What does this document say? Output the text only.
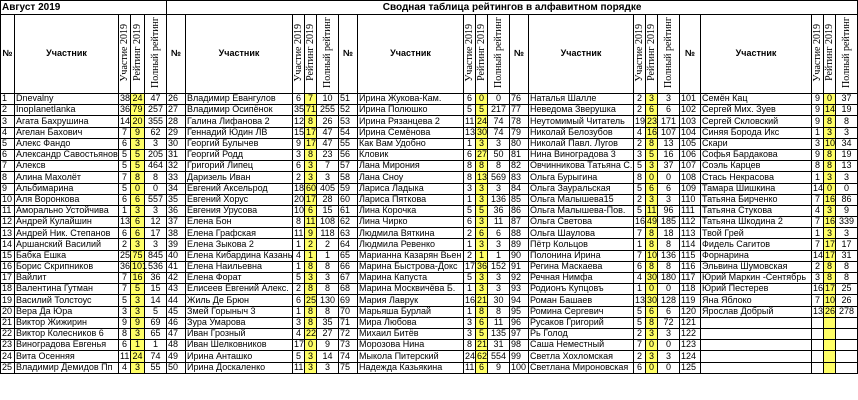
Август 2019					Сводная таблица рейтингов в алфавитном порядке																			
№	Участник	Участие 2019	Рейтинг 2019	Полный рейтинг	№	Участник	Участие 2019	Рейтинг 2019	Полный рейтинг	№	Участник	Участие 2019	Рейтинг 2019	Полный рейтинг	№	Участник	Участие 2019	Рейтинг 2019	Полный рейтинг	№	Участник	Участие 2019	Рейтинг 2019	Полный рейтинг
1	Dnevalny	38	24	47	26	Владимир Евангулов	6	7	10	51	Ирина Жукова-Кам.	6	0	0	76	Наталья Шалле	2	3	3	101	Семён Кац	9	0	37
2	InopIanetIanka	36	79	257	27	Владимир Осипёнок	35	71	255	52	Ирина Полюшко	5	5	217	77	Неведома Зверушка	2	6	6	102	Сергей Мих. Зуев	9	14	19
3	Агата Бахрушина	14	20	355	28	Галина Лифанова 2	12	8	26	53	Ирина Рязанцева 2	11	24	74	78	Неутомимый Читатель	19	23	171	103	Сергей Скловский	9	8	8
4	Агелан Бахович	7	9	62	29	Геннадий Юдин ЛВ	15	17	47	54	Ирина Семёнова	13	30	74	79	Николай Белозубов	4	16	107	104	Синяя Борода Икс	1	3	3
5	Алекс Фандо	6	3	3	30	Георгий Булычев	9	17	47	55	Как Вам Удобно	1	3	3	80	Николай Павл. Лугов	2	8	13	105	Скари	3	10	34
6	Александр Савостьянов	5	5	205	31	Георгий Родд	3	8	23	56	Кловик	6	27	50	81	Нина Виноградова 3	3	5	16	106	Софья Бардакова	9	8	19
7	Алексв	5	5	464	32	Григорий Липец	6	3	7	57	Лана Мирония	8	8	8	82	Овчинникова Татьяна С.	5	3	37	107	Соэль Карцев	8	8	13
8	Алина Махолёт	7	8	8	33	Даризель Иван	2	3	3	58	Лана Сноу	8	13	569	83	Ольга Бурыгина	8	0	0	108	Стась Некрасова	1	3	3
9	Альбимарина	5	0	0	34	Евгений Аксельрод	18	60	405	59	Лариса Ладыка	3	3	3	84	Ольга Зауральская	5	6	6	109	Тамара Шишкина	14	0	0
10	Аля Воронкова	6	6	557	35	Евгений Хорус	20	17	28	60	Лариса Пяткова	1	3	136	85	Ольга Малышева15	2	3	3	110	Татьяна Бирченко	7	16	86
11	Аморально Устойчива	1	3	3	36	Евгения Урусова	10	6	15	61	Лина Корочка	5	5	36	86	Ольга Малышева-Пов.	5	11	96	111	Татьяна Стукова	4	3	9
12	Андрей Кулайшин	13	6	12	37	Елена Бон	8	11	108	62	Лина Чирко	6	3	11	87	Ольга Светова	16	49	185	112	Татьяна Шкодина 2	7	16	339
13	Андрей Ник. Степанов	6	6	17	38	Елена Графская	11	9	118	63	Людмила Вяткина	2	6	6	88	Ольга Шаулова	7	8	18	113	Твой Грей	1	3	3
14	Аршанский Василий	2	3	3	39	Елена Зыкова 2	1	2	2	64	Людмила Ревенко	1	3	3	89	Пётр Кольцов	1	8	8	114	Фидель Сагитов	7	17	17
15	Бабка Ешка	25	75	845	40	Елена Кибардина Казань	4	1	1	65	Марианна Казарян Вьен	2	1	1	90	Полонина Ирина	7	10	136	115	Форнарина	14	17	31
16	Борис Скрипников	36	101	536	41	Елена Наильевна	1	8	8	66	Марина Быстрова-Докс	17	36	152	91	Регина Маскаева	6	8	8	116	Эльвина Шумовская	2	8	8
17	Вайлит	7	16	36	42	Елена Форат	5	3	3	67	Марина Капуста	5	3	3	92	Речная Нимфа	4	30	180	117	Юрий Маркин -Сентябрь	3	8	8
18	Валентина Гутман	7	5	15	43	Елисеев Евгений Алекс.	2	8	8	68	Марина Москвичёва Б.	1	3	3	93	Родионъ Купцовъ	1	0	0	118	Юрий Пестерев	16	17	25
19	Василий Толстоус	5	3	14	44	Жиль Де Брюн	6	25	130	69	Мария Лаврук	16	21	30	94	Роман Башаев	13	30	128	119	Яна Яблоко	7	10	26
20	Вера Да Юра	3	3	5	45	Змей Горыныч 3	1	8	8	70	Марьяша Бурлай	1	8	8	95	Ромина Сергевич	5	6	6	120	Ярослав Добрый	13	26	278
21	Виктор Жижирин	9	9	69	46	Зура Умарова	3	8	35	71	Мира Любова	3	6	11	96	Русаков Григорий	5	8	72	121				
22	Виктор Колесников 6	8	3	65	47	Иван Грозный	4	22	27	72	Михаил Битёв	3	5	135	97	Рь Голод	2	3	3	122				
23	Виноградова Евгенья	6	1	1	48	Иван Шелковников	17	0	9	73	Морозова Нина	8	21	31	98	Саша Неместный	7	0	0	123				
24	Вита Осенняя	11	24	74	49	Ирина Анташко	5	3	14	74	Мыкола Питерский	24	62	554	99	Светла Хохломская	2	3	3	124				
25	Владимир Демидов Пп	4	3	55	50	Ирина Доскаленко	11	3	3	75	Надежда Казьякина	11	6	9	100	Светлана Мироновская	6	0	0	125				
